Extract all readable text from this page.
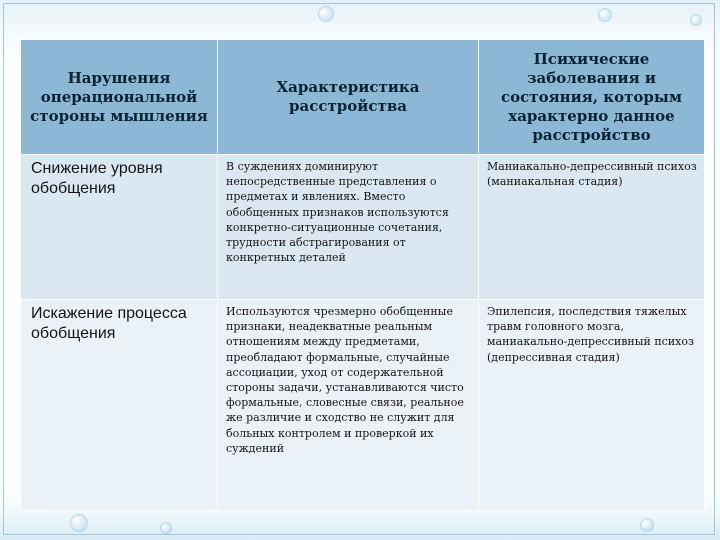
Нарушения операциональной стороны мышления	Характеристика расстройства	Психические заболевания и состояния, которым характерно данное расстройство
Снижение уровня обобщения	В суждениях доминируют непосредственные представления о предметах и явлениях. Вместо обобщенных признаков используются конкретно-ситуационные сочетания, трудности абстрагирования от конкретных деталей	Маниакально-депрессивный психоз (маниакальная стадия)
Искажение процесса обобщения	Используются чрезмерно обобщенные признаки, неадекватные реальным отношениям между предметами, преобладают формальные, случайные ассоциации, уход от содержательной стороны задачи, устанавливаются чисто формальные, словесные связи, реальное же различие и сходство не служит для больных контролем и проверкой их суждений	Эпилепсия, последствия тяжелых травм головного мозга, маниакально-депрессивный психоз (депрессивная стадия)
